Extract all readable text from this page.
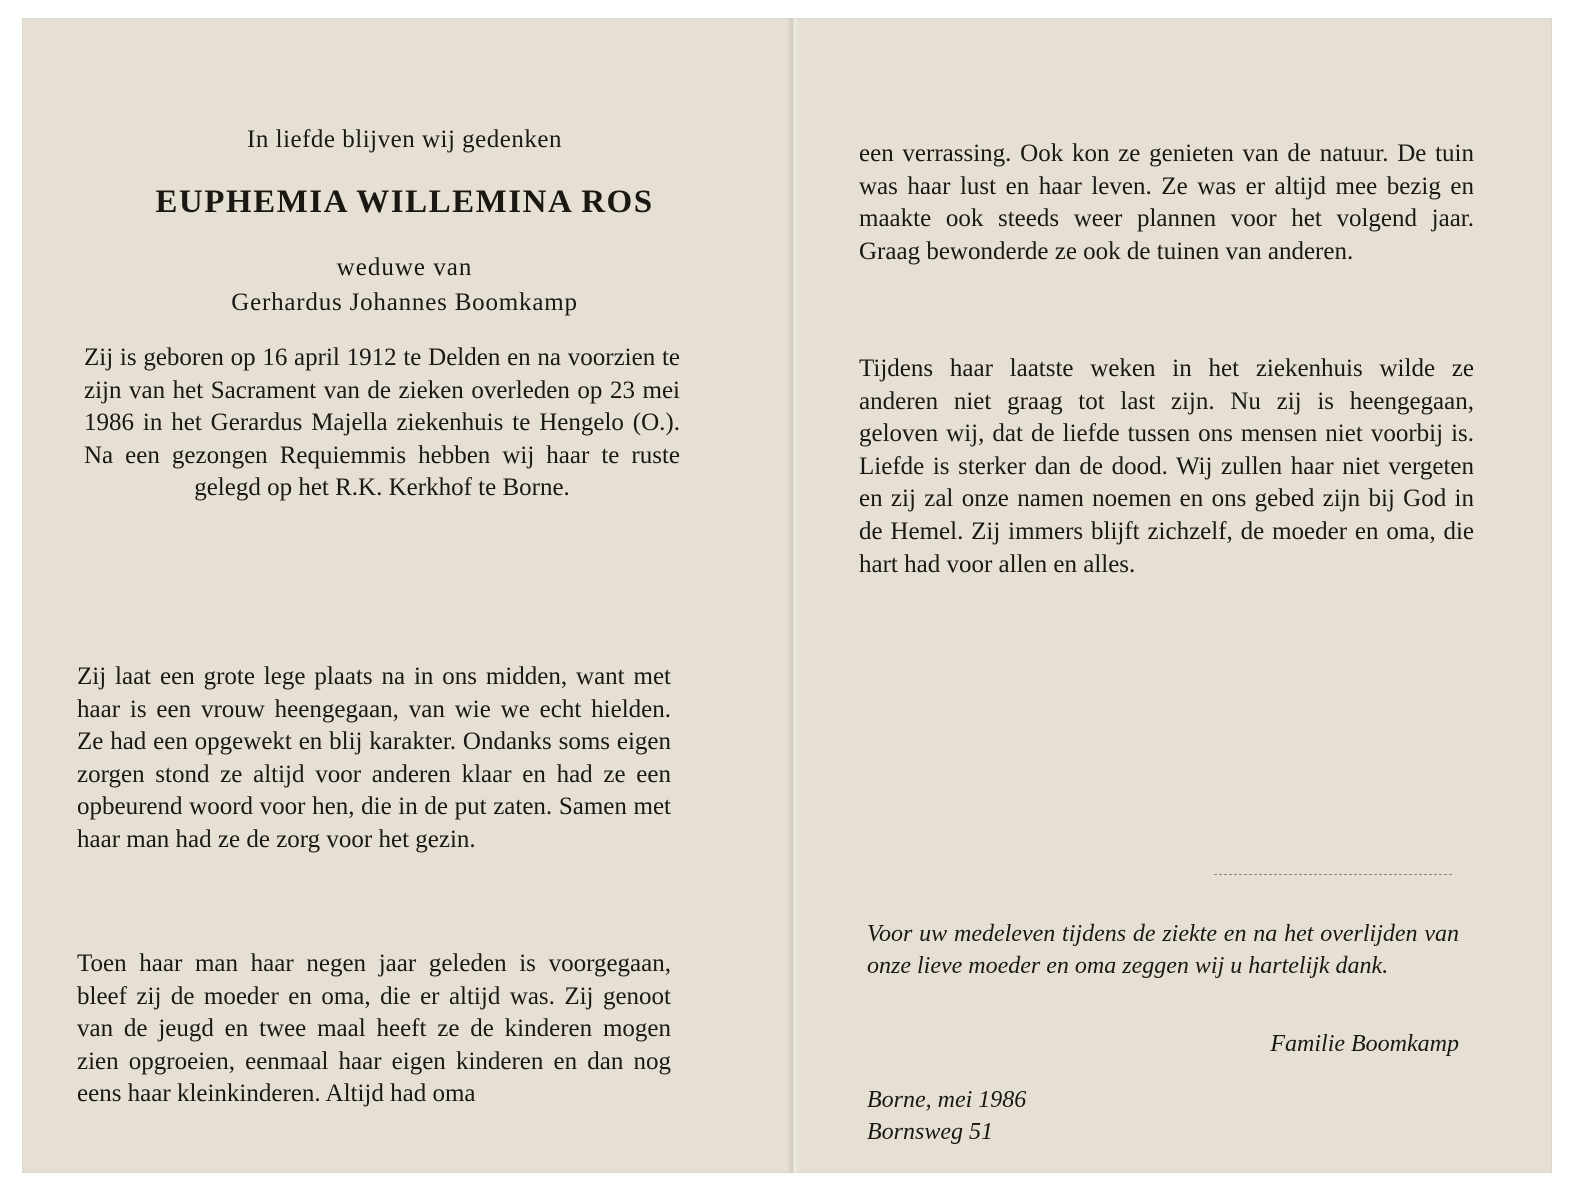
In liefde blijven wij gedenken
EUPHEMIA WILLEMINA ROS
weduwe van
Gerhardus Johannes Boomkamp

Zij is geboren op 16 april 1912 te Delden en na voorzien te zijn van het Sacrament van de zieken overleden op 23 mei 1986 in het Gerardus Majella ziekenhuis te Hengelo (O.). Na een gezongen Requiemmis hebben wij haar te ruste gelegd op het R.K. Kerkhof te Borne.

Zij laat een grote lege plaats na in ons midden, want met haar is een vrouw heengegaan, van wie we echt hielden. Ze had een opgewekt en blij karakter. Ondanks soms eigen zorgen stond ze altijd voor anderen klaar en had ze een opbeurend woord voor hen, die in de put zaten. Samen met haar man had ze de zorg voor het gezin.

Toen haar man haar negen jaar geleden is voorgegaan, bleef zij de moeder en oma, die er altijd was. Zij genoot van de jeugd en twee maal heeft ze de kinderen mogen zien opgroeien, eenmaal haar eigen kinderen en dan nog eens haar kleinkinderen. Altijd had oma

een verrassing. Ook kon ze genieten van de natuur. De tuin was haar lust en haar leven. Ze was er altijd mee bezig en maakte ook steeds weer plannen voor het volgend jaar. Graag bewonderde ze ook de tuinen van anderen.

Tijdens haar laatste weken in het ziekenhuis wilde ze anderen niet graag tot last zijn. Nu zij is heengegaan, geloven wij, dat de liefde tussen ons mensen niet voorbij is. Liefde is sterker dan de dood. Wij zullen haar niet vergeten en zij zal onze namen noemen en ons gebed zijn bij God in de Hemel. Zij immers blijft zichzelf, de moeder en oma, die hart had voor allen en alles.

Voor uw medeleven tijdens de ziekte en na het overlijden van onze lieve moeder en oma zeggen wij u hartelijk dank.

Familie Boomkamp
Borne, mei 1986
Bornsweg 51
